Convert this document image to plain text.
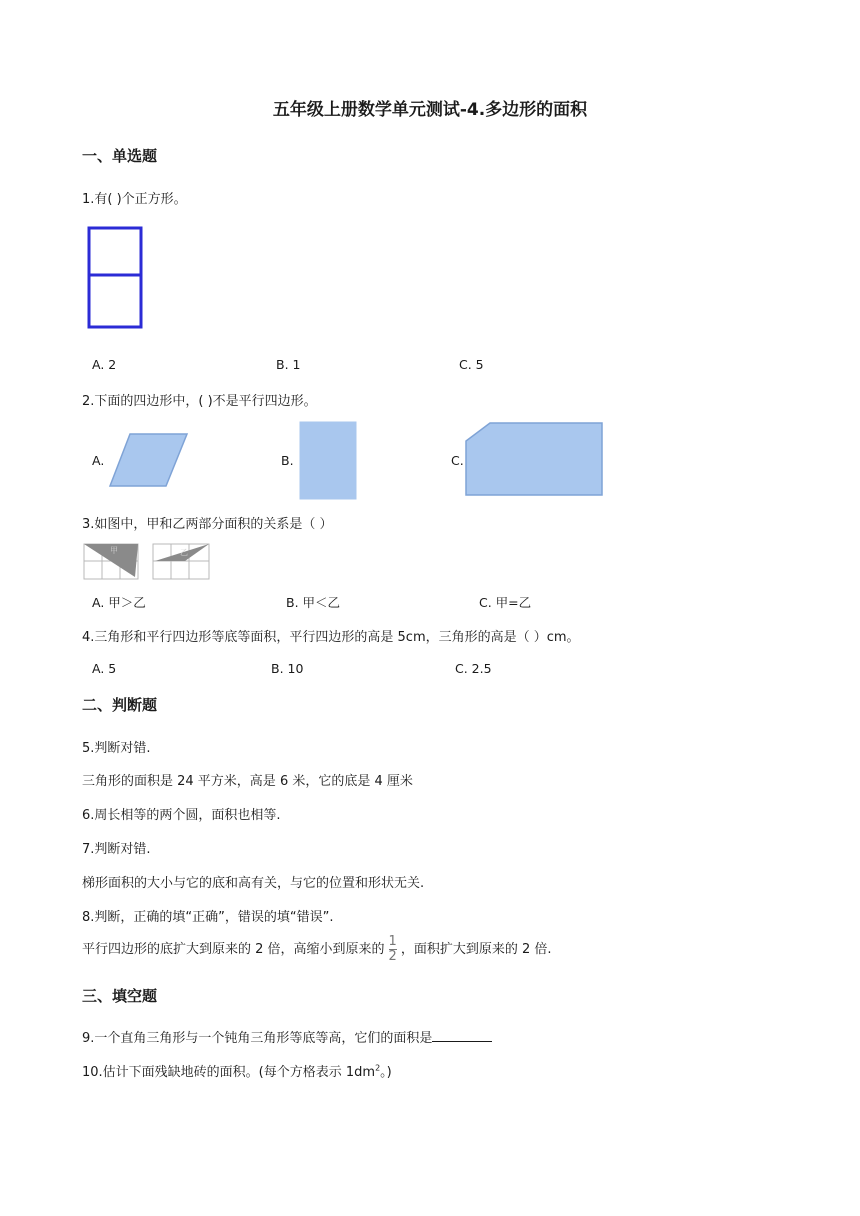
五年级上册数学单元测试-4.多边形的面积
一、单选题
1.有( )个正方形。
A. 2	B. 1	C. 5
2.下面的四边形中，( )不是平行四边形。
A.	B.	C.
3.如图中，甲和乙两部分面积的关系是（ ）
甲	乙
A. 甲＞乙	B. 甲＜乙	C. 甲=乙
4.三角形和平行四边形等底等面积，平行四边形的高是 5cm，三角形的高是（ ）cm。
A. 5	B. 10	C. 2.5
二、判断题
5.判断对错.
三角形的面积是 24 平方米，高是 6 米，它的底是 4 厘米
6.周长相等的两个圆，面积也相等.
7.判断对错.
梯形面积的大小与它的底和高有关，与它的位置和形状无关.
8.判断，正确的填“正确”，错误的填“错误”.
平行四边形的底扩大到原来的 2 倍，高缩小到原来的 $\frac{1}{2}$ ，面积扩大到原来的 2 倍.
三、填空题
9.一个直角三角形与一个钝角三角形等底等高，它们的面积是
10.估计下面残缺地砖的面积。(每个方格表示 $1dm^2$。)
